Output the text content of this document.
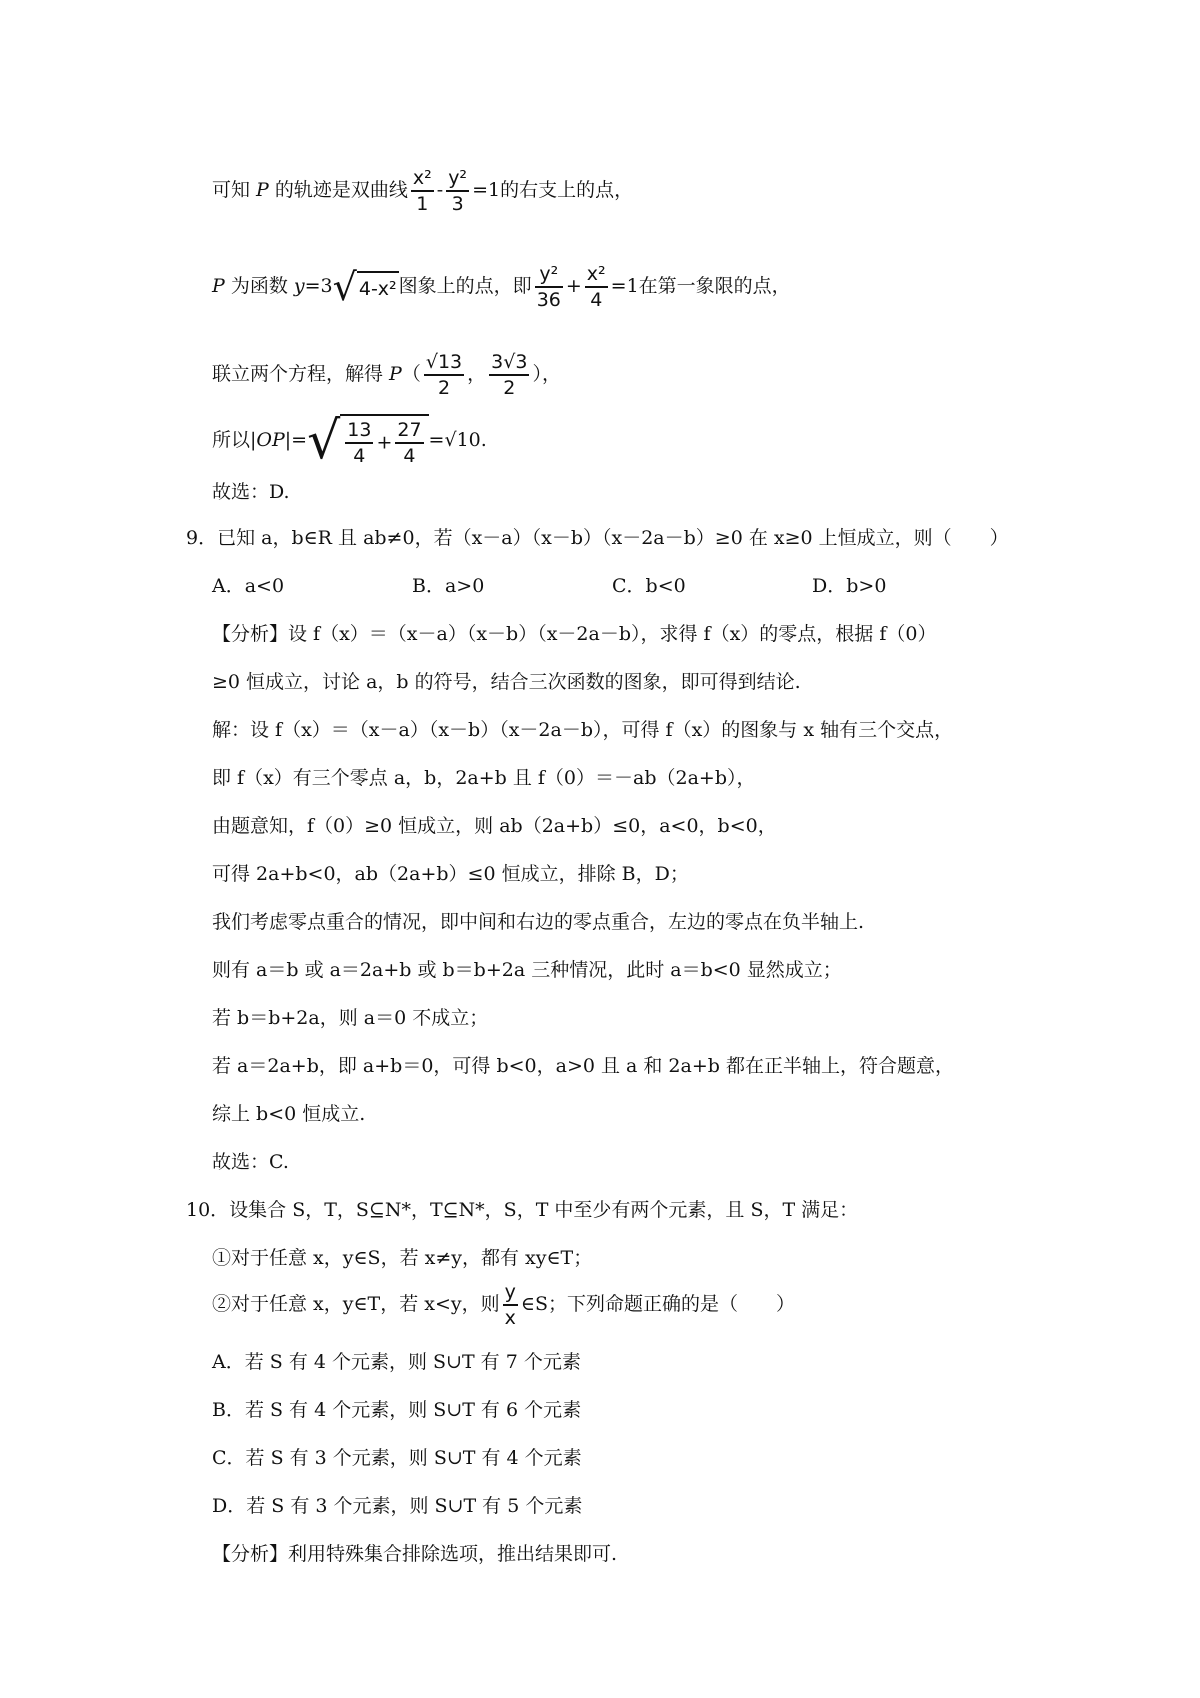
可知 P 的轨迹是双曲线 $\frac{\text{x²}}{1} - \frac{\text{y²}}{3} =1$的右支上的点，
P 为函数 y=3√ 4-x² 图象上的点，即 $\frac{\text{y²}}{36} + \frac{\text{x²}}{4} =1$在第一象限的点，
联立两个方程，解得 $P( \frac{√13}{2}$ ， $\frac{3√3}{2}$ ），
所以$|OP|=√ \frac{13}{4} + \frac{27}{4} =√10$.
故选：D.
9．已知 a，b∈R 且 ab≠0，若（x－a）（x－b）（x－2a－b）≥0 在 x≥0 上恒成立，则（　　）
A．a<0	B．a>0	C．b<0	D．b>0
【分析】设 f（x）＝（x－a）（x－b）（x－2a－b），求得 f（x）的零点，根据 f（0）
≥0 恒成立，讨论 a，b 的符号，结合三次函数的图象，即可得到结论.
解：设 f（x）＝（x－a）（x－b）（x－2a－b），可得 f（x）的图象与 x 轴有三个交点，
即 f（x）有三个零点 a，b，2a+b 且 f（0）＝－ab（2a+b），
由题意知，f（0）≥0 恒成立，则 ab（2a+b）≤0，a<0，b<0，
可得 2a+b<0，ab（2a+b）≤0 恒成立，排除 B，D；
我们考虑零点重合的情况，即中间和右边的零点重合，左边的零点在负半轴上.
则有 a＝b 或 a＝2a+b 或 b＝b+2a 三种情况，此时 a＝b<0 显然成立；
若 b＝b+2a，则 a＝0 不成立；
若 a＝2a+b，即 a+b＝0，可得 b<0，a>0 且 a 和 2a+b 都在正半轴上，符合题意，
综上 b<0 恒成立.
故选：C.
10．设集合 S，T，S⊆N*，T⊆N*，S，T 中至少有两个元素，且 S，T 满足：
①对于任意 x，y∈S，若 x≠y，都有 xy∈T；
②对于任意 x，y∈T，若 x<y，则 $\frac{y}{x}$ ∈S；下列命题正确的是（　　）
A．若 S 有 4 个元素，则 S∪T 有 7 个元素
B．若 S 有 4 个元素，则 S∪T 有 6 个元素
C．若 S 有 3 个元素，则 S∪T 有 4 个元素
D．若 S 有 3 个元素，则 S∪T 有 5 个元素
【分析】利用特殊集合排除选项，推出结果即可.
